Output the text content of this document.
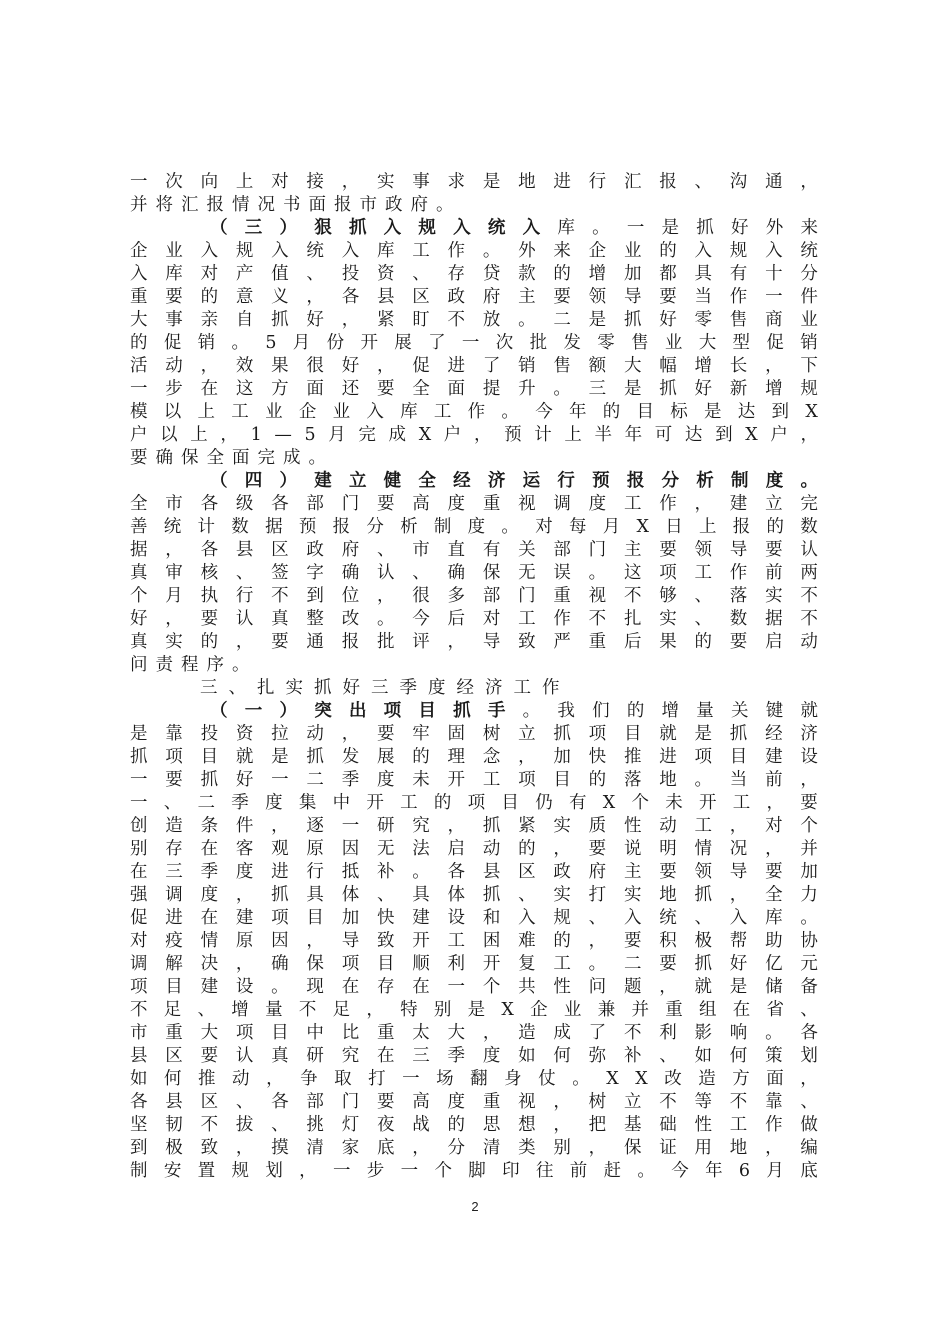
一 次 向 上 对 接 ， 实 事 求 是 地 进 行 汇 报 、 沟 通 ，
并 将 汇 报 情 况 书 面 报 市 政 府 。
（ 三 ） 狠 抓 入 规 入 统 入 库 。 一 是 抓 好 外 来
企 业 入 规 入 统 入 库 工 作 。 外 来 企 业 的 入 规 入 统
入 库 对 产 值 、 投 资 、 存 贷 款 的 增 加 都 具 有 十 分
重 要 的 意 义 ， 各 县 区 政 府 主 要 领 导 要 当 作 一 件
大 事 亲 自 抓 好 ， 紧 盯 不 放 。 二 是 抓 好 零 售 商 业
的 促 销 。 5 月 份 开 展 了 一 次 批 发 零 售 业 大 型 促 销
活 动 ， 效 果 很 好 ， 促 进 了 销 售 额 大 幅 增 长 ， 下
一 步 在 这 方 面 还 要 全 面 提 升 。 三 是 抓 好 新 增 规
模 以 上 工 业 企 业 入 库 工 作 。 今 年 的 目 标 是 达 到 X
户 以 上 ， 1 — 5 月 完 成 X 户 ， 预 计 上 半 年 可 达 到 X 户 ，
要 确 保 全 面 完 成 。
（ 四 ） 建 立 健 全 经 济 运 行 预 报 分 析 制 度 。
全 市 各 级 各 部 门 要 高 度 重 视 调 度 工 作 ， 建 立 完
善 统 计 数 据 预 报 分 析 制 度 。 对 每 月 X 日 上 报 的 数
据 ， 各 县 区 政 府 、 市 直 有 关 部 门 主 要 领 导 要 认
真 审 核 、 签 字 确 认 、 确 保 无 误 。 这 项 工 作 前 两
个 月 执 行 不 到 位 ， 很 多 部 门 重 视 不 够 、 落 实 不
好 ， 要 认 真 整 改 。 今 后 对 工 作 不 扎 实 、 数 据 不
真 实 的 ， 要 通 报 批 评 ， 导 致 严 重 后 果 的 要 启 动
问 责 程 序 。
三 、 扎 实 抓 好 三 季 度 经 济 工 作
（ 一 ） 突 出 项 目 抓 手 。 我 们 的 增 量 关 键 就
是 靠 投 资 拉 动 ， 要 牢 固 树 立 抓 项 目 就 是 抓 经 济
抓 项 目 就 是 抓 发 展 的 理 念 ， 加 快 推 进 项 目 建 设
一 要 抓 好 一 二 季 度 未 开 工 项 目 的 落 地 。 当 前 ，
一 、 二 季 度 集 中 开 工 的 项 目 仍 有 X 个 未 开 工 ， 要
创 造 条 件 ， 逐 一 研 究 ， 抓 紧 实 质 性 动 工 ， 对 个
别 存 在 客 观 原 因 无 法 启 动 的 ， 要 说 明 情 况 ， 并
在 三 季 度 进 行 抵 补 。 各 县 区 政 府 主 要 领 导 要 加
强 调 度 ， 抓 具 体 、 具 体 抓 、 实 打 实 地 抓 ， 全 力
促 进 在 建 项 目 加 快 建 设 和 入 规 、 入 统 、 入 库 。
对 疫 情 原 因 ， 导 致 开 工 困 难 的 ， 要 积 极 帮 助 协
调 解 决 ， 确 保 项 目 顺 利 开 复 工 。 二 要 抓 好 亿 元
项 目 建 设 。 现 在 存 在 一 个 共 性 问 题 ， 就 是 储 备
不 足 、 增 量 不 足 ， 特 别 是 X 企 业 兼 并 重 组 在 省 、
市 重 大 项 目 中 比 重 太 大 ， 造 成 了 不 利 影 响 。 各
县 区 要 认 真 研 究 在 三 季 度 如 何 弥 补 、 如 何 策 划
如 何 推 动 ， 争 取 打 一 场 翻 身 仗 。 X X 改 造 方 面 ，
各 县 区 、 各 部 门 要 高 度 重 视 ， 树 立 不 等 不 靠 、
坚 韧 不 拔 、 挑 灯 夜 战 的 思 想 ， 把 基 础 性 工 作 做
到 极 致 ， 摸 清 家 底 ， 分 清 类 别 ， 保 证 用 地 ， 编
制 安 置 规 划 ， 一 步 一 个 脚 印 往 前 赶 。 今 年 6 月 底
2
